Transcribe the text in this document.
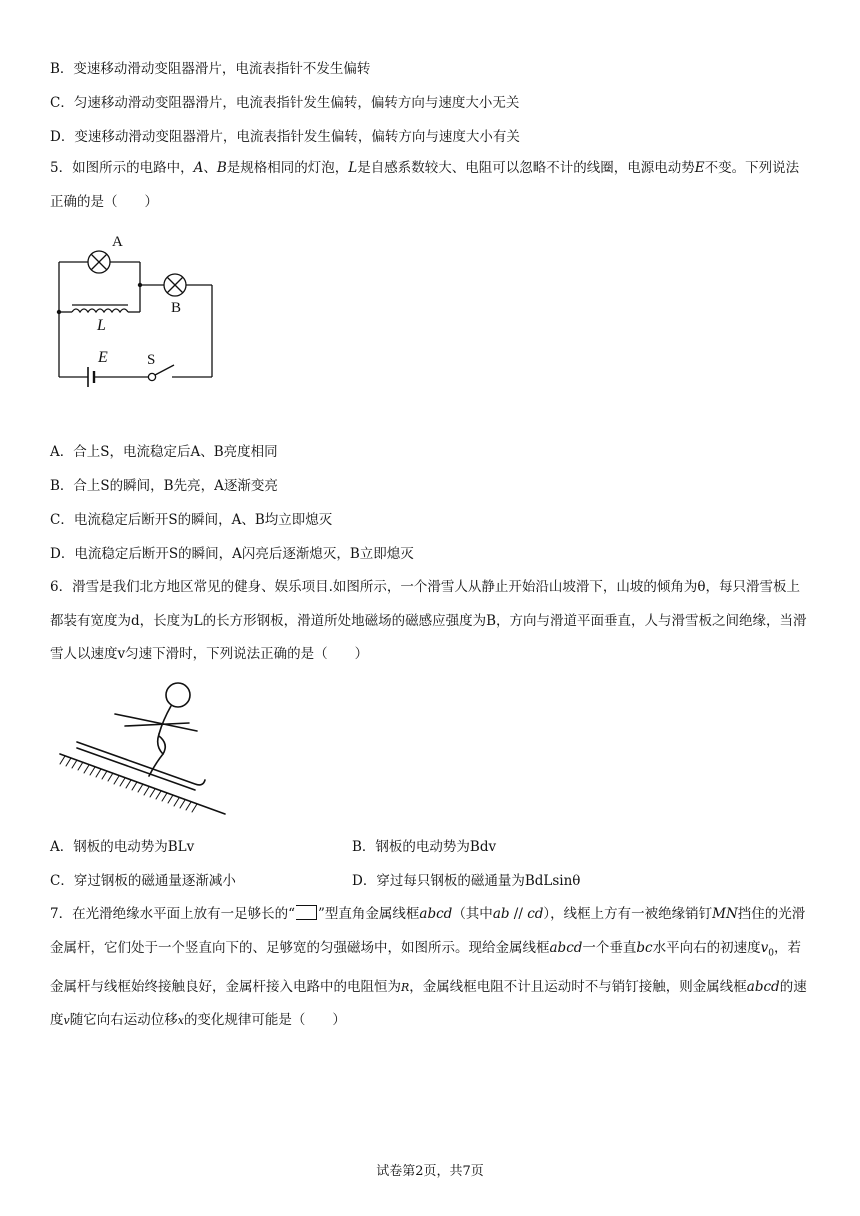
B．变速移动滑动变阻器滑片，电流表指针不发生偏转
C．匀速移动滑动变阻器滑片，电流表指针发生偏转，偏转方向与速度大小无关
D．变速移动滑动变阻器滑片，电流表指针发生偏转，偏转方向与速度大小有关
5．如图所示的电路中，A、B是规格相同的灯泡，L是自感系数较大、电阻可以忽略不计的线圈，电源电动势E不变。下列说法正确的是（　　）
A
B
L
E	S
A．合上S，电流稳定后A、B亮度相同
B．合上S的瞬间，B先亮，A逐渐变亮
C．电流稳定后断开S的瞬间，A、B均立即熄灭
D．电流稳定后断开S的瞬间，A闪亮后逐渐熄灭，B立即熄灭
6．滑雪是我们北方地区常见的健身、娱乐项目.如图所示，一个滑雪人从静止开始沿山坡滑下，山坡的倾角为θ，每只滑雪板上都装有宽度为d，长度为L的长方形钢板，滑道所处地磁场的磁感应强度为B，方向与滑道平面垂直，人与滑雪板之间绝缘，当滑雪人以速度v匀速下滑时，下列说法正确的是（　　）
A．钢板的电动势为BLv	B．钢板的电动势为Bdv
C．穿过钢板的磁通量逐渐减小	D．穿过每只钢板的磁通量为BdLsinθ
7．在光滑绝缘水平面上放有一足够长的“ ”型直角金属线框abcd（其中ab // cd），线框上方有一被绝缘销钉MN挡住的光滑金属杆，它们处于一个竖直向下的、足够宽的匀强磁场中，如图所示。现给金属线框abcd一个垂直bc水平向右的初速度$v_0$，若金属杆与线框始终接触良好，金属杆接入电路中的电阻恒为R，金属线框电阻不计且运动时不与销钉接触，则金属线框abcd的速度v随它向右运动位移x的变化规律可能是（　　）
试卷第2页，共7页
